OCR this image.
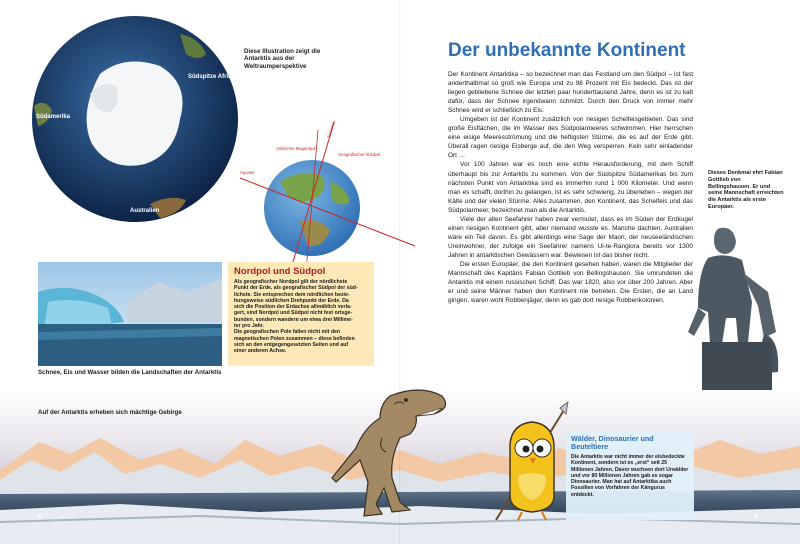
Südspitze Afrikas
Südamerika
Australien
Diese Illustration zeigt die Antarktis aus der Weltraumperspektive
Arktischer Magnetpol
Geografischer Nordpol
Äquator
Erdachse
Schnee, Eis und Wasser bilden die Landschaften der Antarktis
Nordpol und Südpol
Als geografischer Nordpol gilt der nördlichste
Punkt der Erde, als geografischer Südpol der süd-
lichste. Sie entsprechen dem nördlichen bezie-
hungsweise südlichen Drehpunkt der Erde. Da
sich die Position der Erdachse allmählich verla-
gert, sind Nordpol und Südpol nicht fest ortsge-
bunden, sondern wandern um etwa drei Millime-
ter pro Jahr.
Die geografischen Pole fallen nicht mit den
magnetischen Polen zusammen – diese befinden
sich an den entgegengesetzten Seiten und auf
einer anderen Achse.
Auf der Antarktis erheben sich mächtige Gebirge
6
Der unbekannte Kontinent

Der Kontinent Antarktika – so bezeichnet man das Festland um den Südpol – ist fast anderthalbmal so groß wie Europa und zu 98 Prozent mit Eis bedeckt. Das ist der liegen gebliebene Schnee der letzten paar hunderttausend Jahre, denn es ist zu kalt dafür, dass der Schnee irgendwann schmilzt. Durch den Druck von immer mehr Schnee wird er schließlich zu Eis.

Umgeben ist der Kontinent zusätzlich von riesigen Schelfeisgebieten. Das sind große Eisflächen, die im Wasser des Südpolarmeeres schwimmen. Hier herrschen eine eisige Meeresströmung und die heftigsten Stürme, die es auf der Erde gibt. Überall ragen riesige Eisberge auf, die den Weg versperren. Kein sehr einladender Ort …

Vor 100 Jahren war es noch eine echte Herausforderung, mit dem Schiff überhaupt bis zur Antarktis zu kommen. Von der Südspitze Südamerikas bis zum nächsten Punkt von Antarktika sind es immerhin rund 1 000 Kilometer. Und wenn man es schafft, dorthin zu gelangen, ist es sehr schwierig, zu überleben – wegen der Kälte und der vielen Stürme. Alles zusammen, den Kontinent, das Schelfeis und das Südpolarmeer, bezeichnet man als die Antarktis.

Viele der alten Seefahrer haben zwar vermutet, dass es im Süden der Erdkugel einen riesigen Kontinent gibt, aber niemand wusste es. Manche dachten, Australien wäre ein Teil davon. Es gibt allerdings eine Sage der Maori, der neuseeländischen Ureinwohner, der zufolge ein Seefahrer namens Ui-te-Rangiora bereits vor 1300 Jahren in antarktischen Gewässern war. Bewiesen ist das bisher nicht.

Die ersten Europäer, die den Kontinent gesehen haben, waren die Mitglieder der Mannschaft des Kapitäns Fabian Gottlieb von Bellingshausen. Sie umrundeten die Antarktis mit einem russischen Schiff. Das war 1820, also vor über 200 Jahren. Aber er und seine Männer haben den Kontinent nie betreten. Die Ersten, die an Land gingen, waren wohl Robbenjäger, denn es gab dort riesige Robbenkolonien.

Dieses Denkmal ehrt Fabian Gottlieb von Bellingshausen. Er und seine Mannschaft erreichten die Antarktis als erste Europäer.
Wälder, Dinosaurier und Beuteltiere
Die Antarktis war nicht immer der eisbedeckte Kontinent, sondern ist es „erst“ seit 25 Millionen Jahren. Davor wuchsen dort Urwälder und vor 80 Millionen Jahren gab es sogar Dinosaurier. Man hat auf Antarktika auch Fossilien von Vorfahren der Kängurus entdeckt.
7
